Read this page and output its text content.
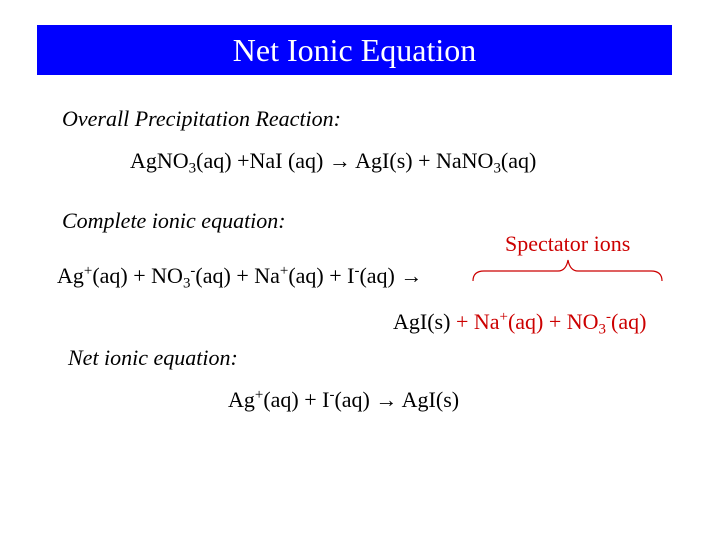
Net Ionic Equation
Overall Precipitation Reaction:
AgNO$_3$(aq) +NaI (aq) → AgI(s) + NaNO$_3$(aq)
Complete ionic equation:
Spectator ions
$Ag^+(aq) + NO_3^-(aq) + Na^+(aq) + I^-(aq)$ →
$AgI(s) + Na^+(aq) + NO_3^-(aq)$
Net ionic equation:
Ag+(aq) + I-(aq) → AgI(s)
